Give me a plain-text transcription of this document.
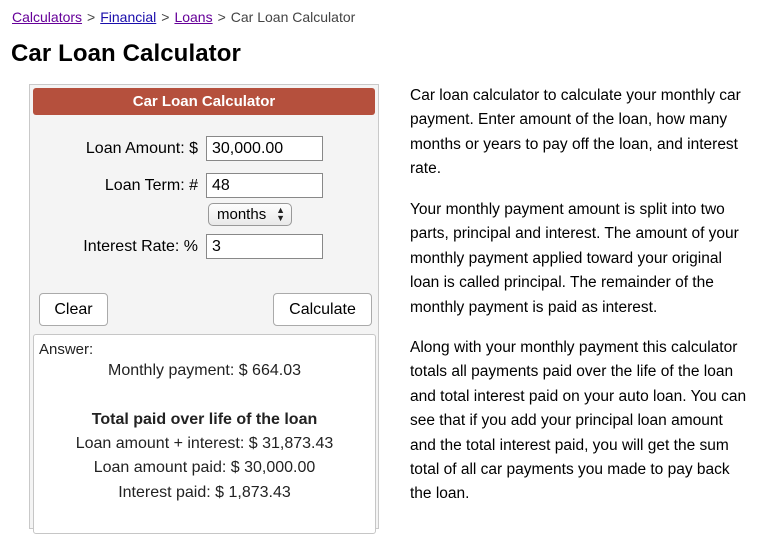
Calculators > Financial > Loans > Car Loan Calculator
Car Loan Calculator
Car Loan Calculator
Loan Amount: $
30,000.00
Loan Term: #
48
months ▲
▼
Interest Rate: %
3
Clear	Calculate
Answer:
Monthly payment: $ 664.03
Total paid over life of the loan
Loan amount + interest: $ 31,873.43
Loan amount paid: $ 30,000.00
Interest paid: $ 1,873.43

Car loan calculator to calculate your monthly car payment. Enter amount of the loan, how many months or years to pay off the loan, and interest rate.

Your monthly payment amount is split into two parts, principal and interest. The amount of your monthly payment applied toward your original loan is called principal. The remainder of the monthly payment is paid as interest.

Along with your monthly payment this calculator totals all payments paid over the life of the loan and total interest paid on your auto loan. You can see that if you add your principal loan amount and the total interest paid, you will get the sum total of all car payments you made to pay back the loan.
